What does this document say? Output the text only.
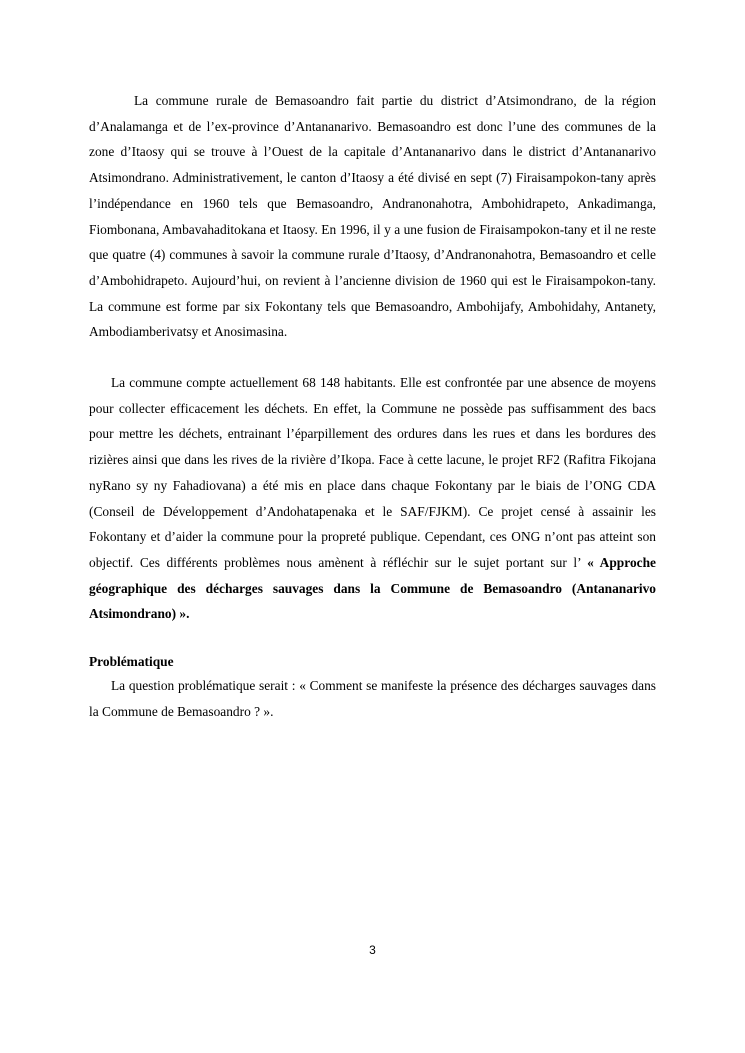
La commune rurale de Bemasoandro fait partie du district d’Atsimondrano, de la région d’Analamanga et de l’ex-province d’Antananarivo. Bemasoandro est donc l’une des communes de la zone d’Itaosy qui se trouve à l’Ouest de la capitale d’Antananarivo dans le district d’Antananarivo Atsimondrano. Administrativement, le canton d’Itaosy a été divisé en sept (7) Firaisampokon-tany après l’indépendance en 1960 tels que Bemasoandro, Andranonahotra, Ambohidrapeto, Ankadimanga, Fiombonana, Ambavahaditokana et Itaosy. En 1996, il y a une fusion de Firaisampokon-tany et il ne reste que quatre (4) communes à savoir la commune rurale d’Itaosy, d’Andranonahotra, Bemasoandro et celle d’Ambohidrapeto. Aujourd’hui, on revient à l’ancienne division de 1960 qui est le Firaisampokon-tany. La commune est forme par six Fokontany tels que Bemasoandro, Ambohijafy, Ambohidahy, Antanety, Ambodiamberivatsy et Anosimasina.

La commune compte actuellement 68 148 habitants. Elle est confrontée par une absence de moyens pour collecter efficacement les déchets. En effet, la Commune ne possède pas suffisamment des bacs pour mettre les déchets, entrainant l’éparpillement des ordures dans les rues et dans les bordures des rizières ainsi que dans les rives de la rivière d’Ikopa. Face à cette lacune, le projet RF2 (Rafitra Fikojana nyRano sy ny Fahadiovana) a été mis en place dans chaque Fokontany par le biais de l’ONG CDA (Conseil de Développement d’Andohatapenaka et le SAF/FJKM). Ce projet censé à assainir les Fokontany et d’aider la commune pour la propreté publique. Cependant, ces ONG n’ont pas atteint son objectif. Ces différents problèmes nous amènent à réfléchir sur le sujet portant sur l’ « Approche géographique des décharges sauvages dans la Commune de Bemasoandro (Antananarivo Atsimondrano) ».

Problématique

La question problématique serait : « Comment se manifeste la présence des décharges sauvages dans la Commune de Bemasoandro ? ».

3
